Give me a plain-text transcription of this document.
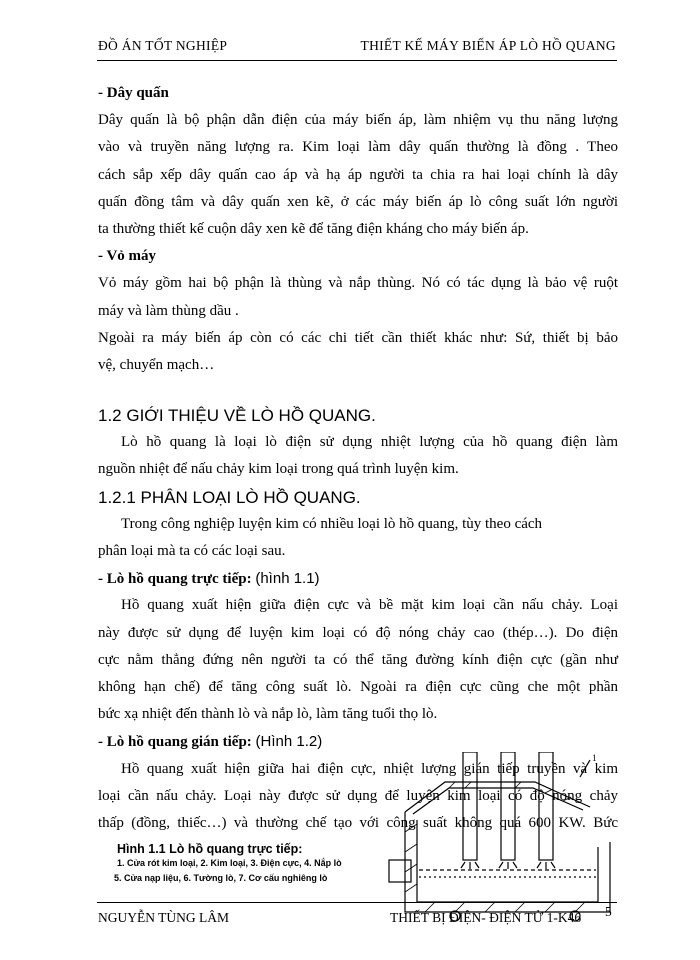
ĐỒ ÁN TỐT NGHIỆP	THIẾT KẾ MÁY BIẾN ÁP LÒ HỒ QUANG
- Dây quấn
Dây quấn là bộ phận dẫn điện của máy biến áp, làm nhiệm vụ thu năng lượng
vào và truyền năng lượng ra. Kim loại làm dây quấn thường là đồng . Theo
cách sắp xếp dây quấn cao áp và hạ áp người ta chia ra hai loại chính là dây
quấn đồng tâm và dây quấn xen kẽ, ở các máy biến áp lò công suất lớn người
ta thường thiết kế cuộn dây xen kẽ để tăng điện kháng cho máy biến áp.
- Vỏ máy
Vỏ máy gồm hai bộ phận là thùng và nắp thùng. Nó có tác dụng là bảo vệ ruột
máy và làm thùng dầu .
Ngoài ra máy biến áp còn có các chi tiết cần thiết khác như: Sứ, thiết bị bảo
vệ, chuyển mạch…
1.2 GIỚI THIỆU VỀ LÒ HỒ QUANG.
Lò hồ quang là loại lò điện sử dụng nhiệt lượng của hồ quang điện làm
nguồn nhiệt để nấu chảy kim loại trong quá trình luyện kim.
1.2.1 PHÂN LOẠI LÒ HỒ QUANG.
Trong công nghiệp luyện kim có nhiều loại lò hồ quang, tùy theo cách
phân loại mà ta có các loại sau.
- Lò hồ quang trực tiếp: (hình 1.1)
Hồ quang xuất hiện giữa điện cực và bề mặt kim loại cần nấu chảy. Loại
này được sử dụng để luyện kim loại có độ nóng chảy cao (thép…). Do điện
cực nằm thẳng đứng nên người ta có thể tăng đường kính điện cực (gần như
không hạn chế) để tăng công suất lò. Ngoài ra điện cực cũng che một phần
bức xạ nhiệt đến thành lò và nắp lò, làm tăng tuổi thọ lò.
- Lò hồ quang gián tiếp: (Hình 1.2)
Hồ quang xuất hiện giữa hai điện cực, nhiệt lượng gián tiếp truyền và kim
loại cần nấu chảy. Loại này được sử dụng để luyện kim loại có độ nóng chảy
thấp (đồng, thiếc…) và thường chế tạo với công suất không quá 600 KW. Bức
1
Hình 1.1 Lò hồ quang trực tiếp:
1. Cửa rót kim loại, 2. Kim loại, 3. Điện cực, 4. Nắp lò
5. Cửa nạp liệu, 6. Tường lò, 7. Cơ cấu nghiêng lò
NGUYỄN TÙNG LÂM	THIẾT BỊ ĐIỆN- ĐIỆN TỬ 1-K46 5
